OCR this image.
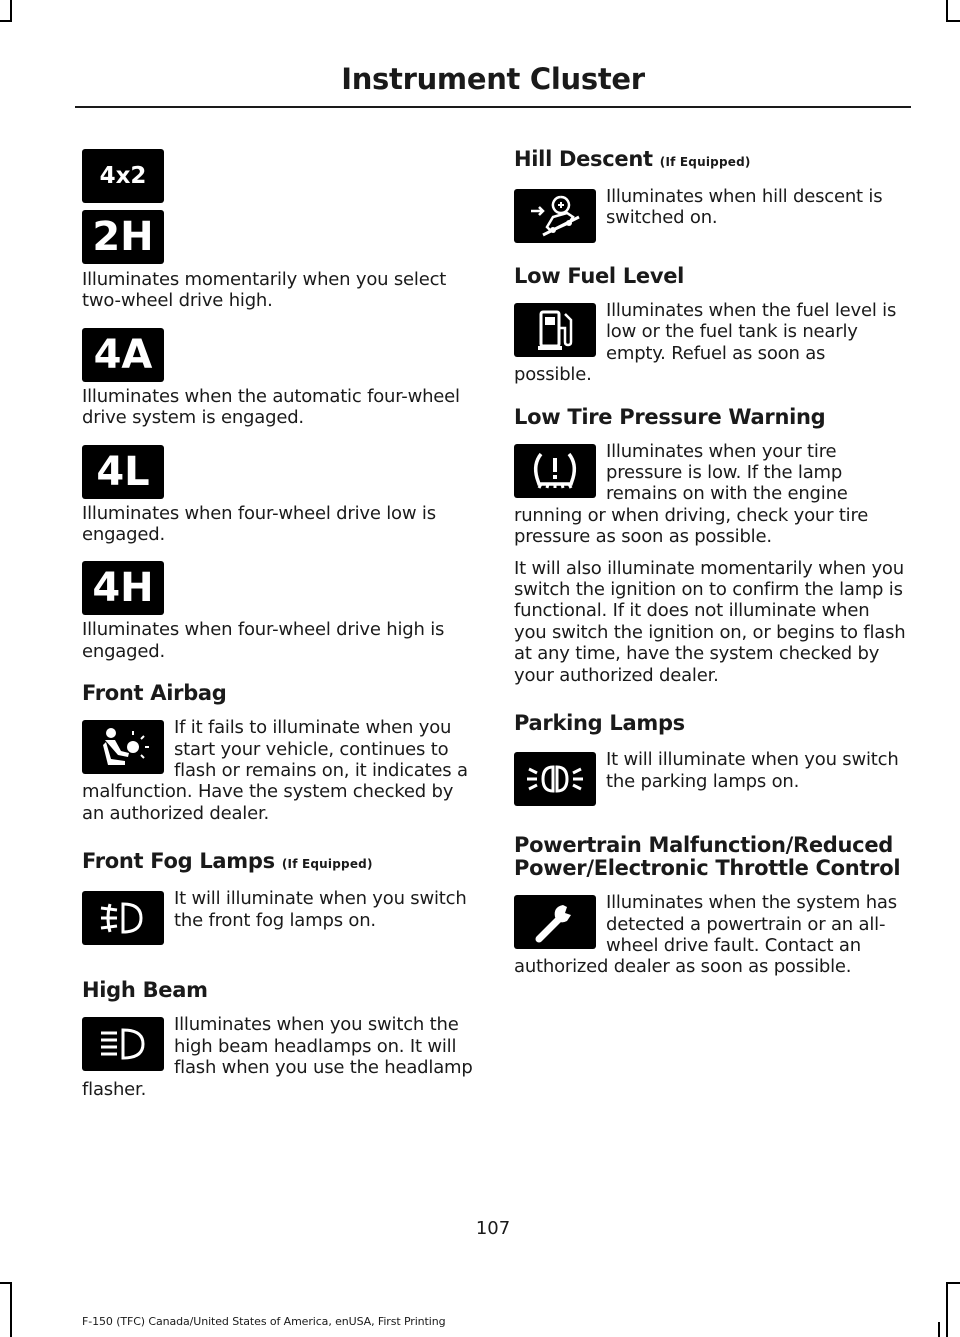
Instrument Cluster
4x2
2H

Illuminates momentarily when you select two-wheel drive high.

4A

Illuminates when the automatic four-wheel drive system is engaged.

4L

Illuminates when four-wheel drive low is engaged.

4H

Illuminates when four-wheel drive high is engaged.

Front Airbag

If it fails to illuminate when you start your vehicle, continues to flash or remains on, it indicates a malfunction. Have the system checked by an authorized dealer.

Front Fog Lamps (If Equipped)

It will illuminate when you switch the front fog lamps on.

High Beam

Illuminates when you switch the high beam headlamps on. It will flash when you use the headlamp flasher.

Hill Descent (If Equipped)

Illuminates when hill descent is switched on.

Low Fuel Level

Illuminates when the fuel level is low or the fuel tank is nearly empty. Refuel as soon as possible.

Low Tire Pressure Warning

Illuminates when your tire pressure is low. If the lamp remains on with the engine running or when driving, check your tire pressure as soon as possible.

It will also illuminate momentarily when you switch the ignition on to confirm the lamp is functional. If it does not illuminate when you switch the ignition on, or begins to flash at any time, have the system checked by your authorized dealer.

Parking Lamps

It will illuminate when you switch the parking lamps on.

Powertrain Malfunction/Reduced Power/Electronic Throttle Control

Illuminates when the system has detected a powertrain or an all-wheel drive fault. Contact an authorized dealer as soon as possible.

107
F-150 (TFC) Canada/United States of America, enUSA, First Printing
